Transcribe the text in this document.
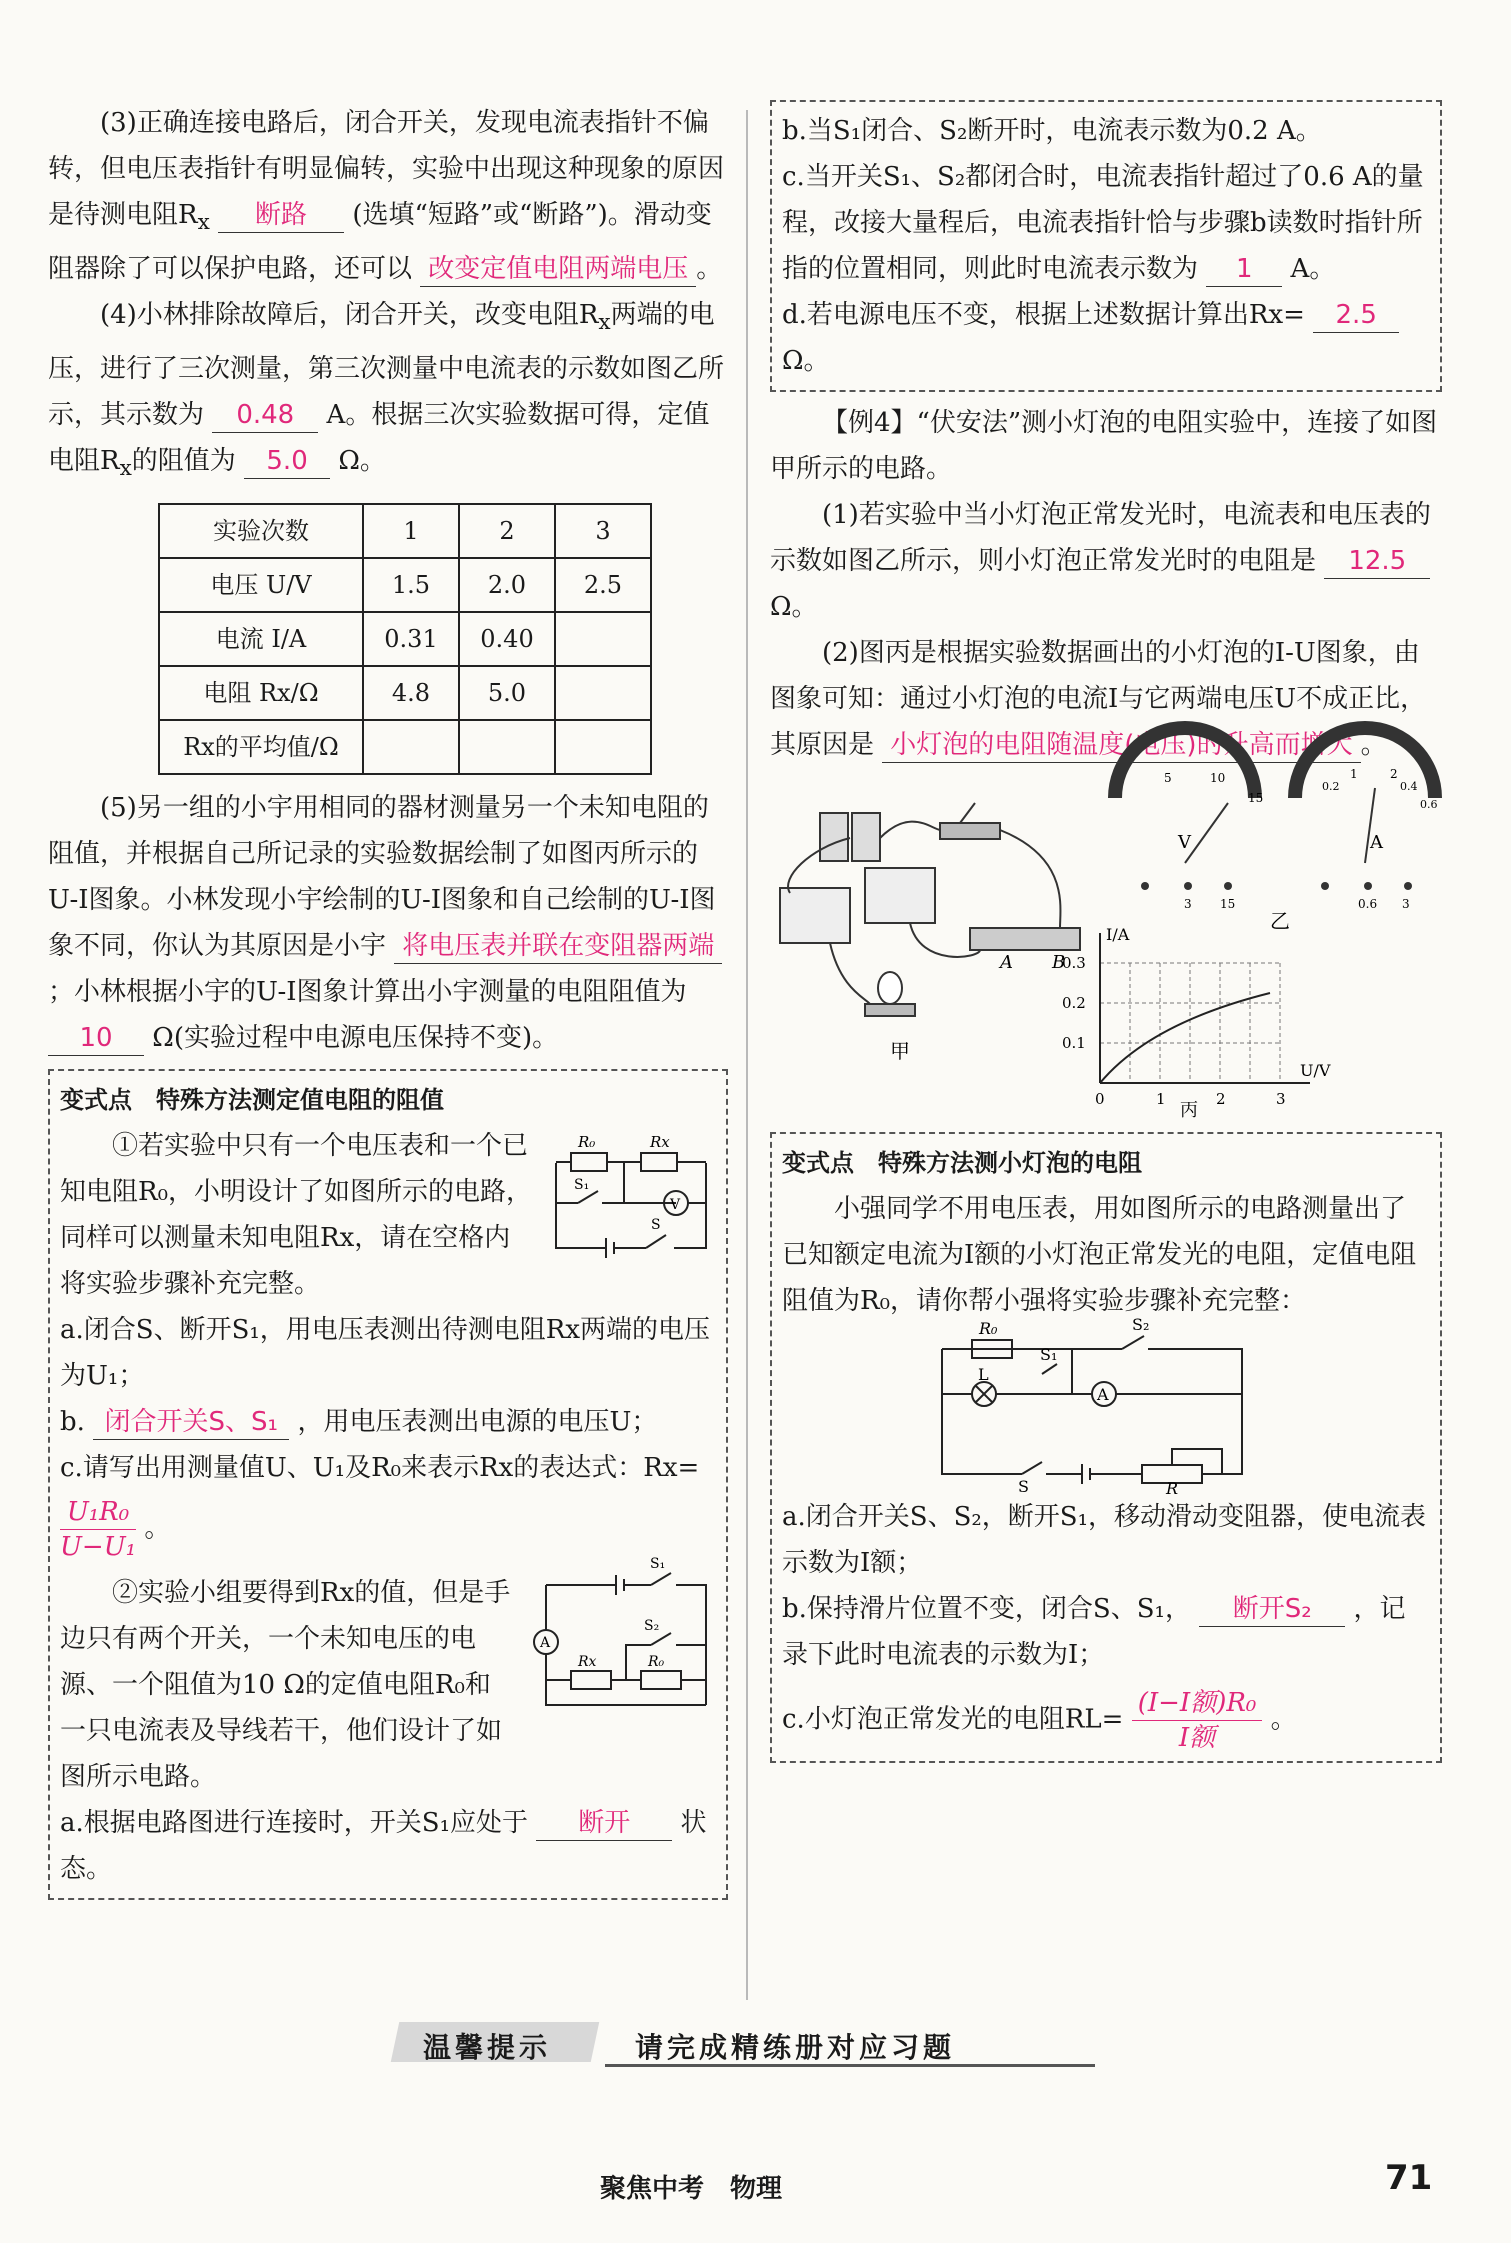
(3)正确连接电路后，闭合开关，发现电流表指针不偏转，但电压表指针有明显偏转，实验中出现这种现象的原因是待测电阻$R_x$ 断路 (选填“短路”或“断路”)。滑动变阻器除了可以保护电路，还可以 改变定值电阻两端电压 。

(4)小林排除故障后，闭合开关，改变电阻$R_x$两端的电压，进行了三次测量，第三次测量中电流表的示数如图乙所示，其示数为 0.48 A。根据三次实验数据可得，定值电阻$R_x$的阻值为 5.0 Ω。

实验次数	1	2	3
电压 U/V	1.5	2.0	2.5
电流 I/A	0.31	0.40	
电阻 Rx/Ω	4.8	5.0	
Rx的平均值/Ω			

(5)另一组的小宇用相同的器材测量另一个未知电阻的阻值，并根据自己所记录的实验数据绘制了如图丙所示的U-I图象。小林发现小宇绘制的U-I图象和自己绘制的U-I图象不同，你认为其原因是小宇 将电压表并联在变阻器两端 ；小林根据小宇的U-I图象计算出小宇测量的电阻阻值为 10 Ω(实验过程中电源电压保持不变)。

变式点　特殊方法测定值电阻的阻值
R₀	Rx
S₁
V
S

①若实验中只有一个电压表和一个已知电阻R₀，小明设计了如图所示的电路，同样可以测量未知电阻Rx，请在空格内将实验步骤补充完整。

a.闭合S、断开S₁，用电压表测出待测电阻Rx两端的电压为U₁；

b. 闭合开关S、S₁ ，用电压表测出电源的电压U；

c.请写出用测量值U、U₁及R₀来表示Rx的表达式：Rx=

$\frac{\text{U₁R₀}}{\text{U−U₁}}$ 。

A
S₁
S₂
Rx	R₀

②实验小组要得到Rx的值，但是手边只有两个开关，一个未知电压的电源、一个阻值为10 Ω的定值电阻R₀和一只电流表及导线若干，他们设计了如图所示电路。

a.根据电路图进行连接时，开关S₁应处于 断开 状态。

b.当S₁闭合、S₂断开时，电流表示数为0.2 A。

c.当开关S₁、S₂都闭合时，电流表指针超过了0.6 A的量程，改接大量程后，电流表指针恰与步骤b读数时指针所指的位置相同，则此时电流表示数为 1 A。

d.若电源电压不变，根据上述数据计算出Rx= 2.5 Ω。

【例4】“伏安法”测小灯泡的电阻实验中，连接了如图甲所示的电路。

(1)若实验中当小灯泡正常发光时，电流表和电压表的示数如图乙所示，则小灯泡正常发光时的电阻是 12.5 Ω。

(2)图丙是根据实验数据画出的小灯泡的I-U图象，由图象可知：通过小灯泡的电流I与它两端电压U不成正比，其原因是 小灯泡的电阻随温度(电压)的升高而增大 。

A B
甲
5	10
15
V
3 15
1	2
0.2	0.4
0.6
A
0.6 3
乙
I/A
U/V
0.3
0.2
0.1
0	1	2	3
丙
变式点　特殊方法测小灯泡的电阻

小强同学不用电压表，用如图所示的电路测量出了已知额定电流为I额的小灯泡正常发光的电阻，定值电阻阻值为R₀，请你帮小强将实验步骤补充完整：

R₀	S₂
S₁
L
A
S	R

a.闭合开关S、S₂，断开S₁，移动滑动变阻器，使电流表示数为I额；

b.保持滑片位置不变，闭合S、S₁， 断开S₂ ，记录下此时电流表的示数为I；

c.小灯泡正常发光的电阻$RL= \frac{\text{(I−I额)R₀}}{\text{I额}}$ 。

温馨提示	请完成精练册对应习题
聚焦中考　物理	71
